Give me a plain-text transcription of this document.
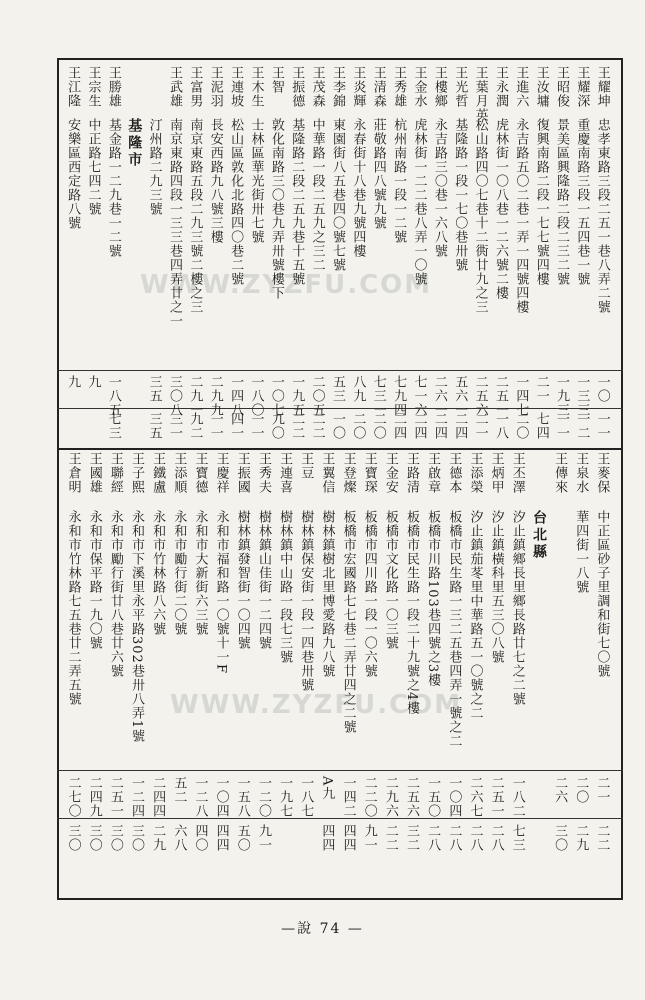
WWW.ZYZFU.COM
WWW.ZYZFU.COM
王耀坤
忠孝東路三段二五一巷八弄二號
一〇
一一
王耀深
重慶南路三段一五四巷一號
一三三
一二
王昭俊
景美區興隆路二段二三二號
一九三
一一
王汝墉
復興南路二段一七七號四樓
二一
七四
王進六
永吉路五〇二巷一弄一四號四樓
一四七
二〇
王永潤
虎林街一〇八巷一二六號二樓
二五一
一八
王葉月英
松山路四〇七巷十二衖廿九之三
二五六
二一
王光哲
基隆路一段一七〇巷卅號
五六一
二四
王樓鄉
永吉路三〇巷一六八號
二六一
二四
王金水
虎林街一二二巷八弄一〇號
七一六
二四
王秀雄
杭州南路一段一二號
七九四
二四
王清森
莊敬路四八號九號
七三一
二〇
王炎輝
永春街十八巷九號四樓
八九
二〇
王李錦
東園街八五巷四〇號七號
五三
一〇
王茂森
中華路一段二五九之三二
二〇五
二二
王振德
基隆路二段二五九巷十五號
一九五
二二
王智
敦化南路三〇巷九弄卅號樓下
一〇七
九〇
王木生
士林區華光街卅七號
一八〇
一一
王連坡
松山區敦化北路四〇巷二號
一四八
四一
王泥羽
長安西路九八號三樓
二九九
一一
王富男
南京東路五段二九三號二樓之三
二九一
九二
王武雄
南京東路四段一三三巷四弄廿之一
三〇八
三一
汀州路二九三號
三五
三五
基隆市
王勝雄
基金路一二九巷一二號
一八五
七三
王宗生
中正路七四二號
九
王江隆
安樂區西定路八號
九
王麥保
中正區砂子里調和街七〇號
二一
二二
王泉水
華四街一八號
二〇
二九
王傳來
二六
三〇
台北縣
王丕澤
汐止鎮鄉長里鄉長路廿七之二號
一八二
七三
王炳甲
汐止鎮橫科里五三〇八號
二五一
二八
王添榮
汐止鎮茄苳里中華路五一〇號之二
二六七
二八
王德本
板橋市民生路一三二五巷四弄一號之二
一〇四
二八
王啟章
板橋市川路103巷四號之3樓
一五〇
二八
王路清
板橋市民生路一段二十九號之4樓
二五六
三二
王金安
板橋市文化路一〇三號
二九六
二二
王寶琛
板橋市四川路一段一〇六號
二二〇
九一
王登燦
板橋市宏國路七七巷二弄廿四之二號
一四二
四四
王翼信
樹林鎮樹北里博愛路九八號
A九
四四
王豆
樹林鎮保安街一段一四巷卅號
一八七
王連喜
樹林鎮中山路一段七三號
一九七
王秀夫
樹林鎮山佳街一二四號
一二〇
九一
王振國
樹林鎮發智街一〇四號
一五八
五〇
王慶祥
永和市福和路一〇號十一F
一〇四
四四
王寶德
永和市大新街六三號
一二八
四〇
王添順
永和市勵行街二〇號
五二
六八
王鐵盧
永和市竹林路八六號
二四四
二九
王子熙
永和市下溪里永平路302巷卅八弄1號
一二四
三〇
王聯經
永和市勵行街廿八巷廿六號
二五一
三〇
王國雄
永和市保平路一九〇號
二四九
三〇
王倉明
永和市竹林路七五巷廿二弄五號
二七〇
三〇
—說 74 —
